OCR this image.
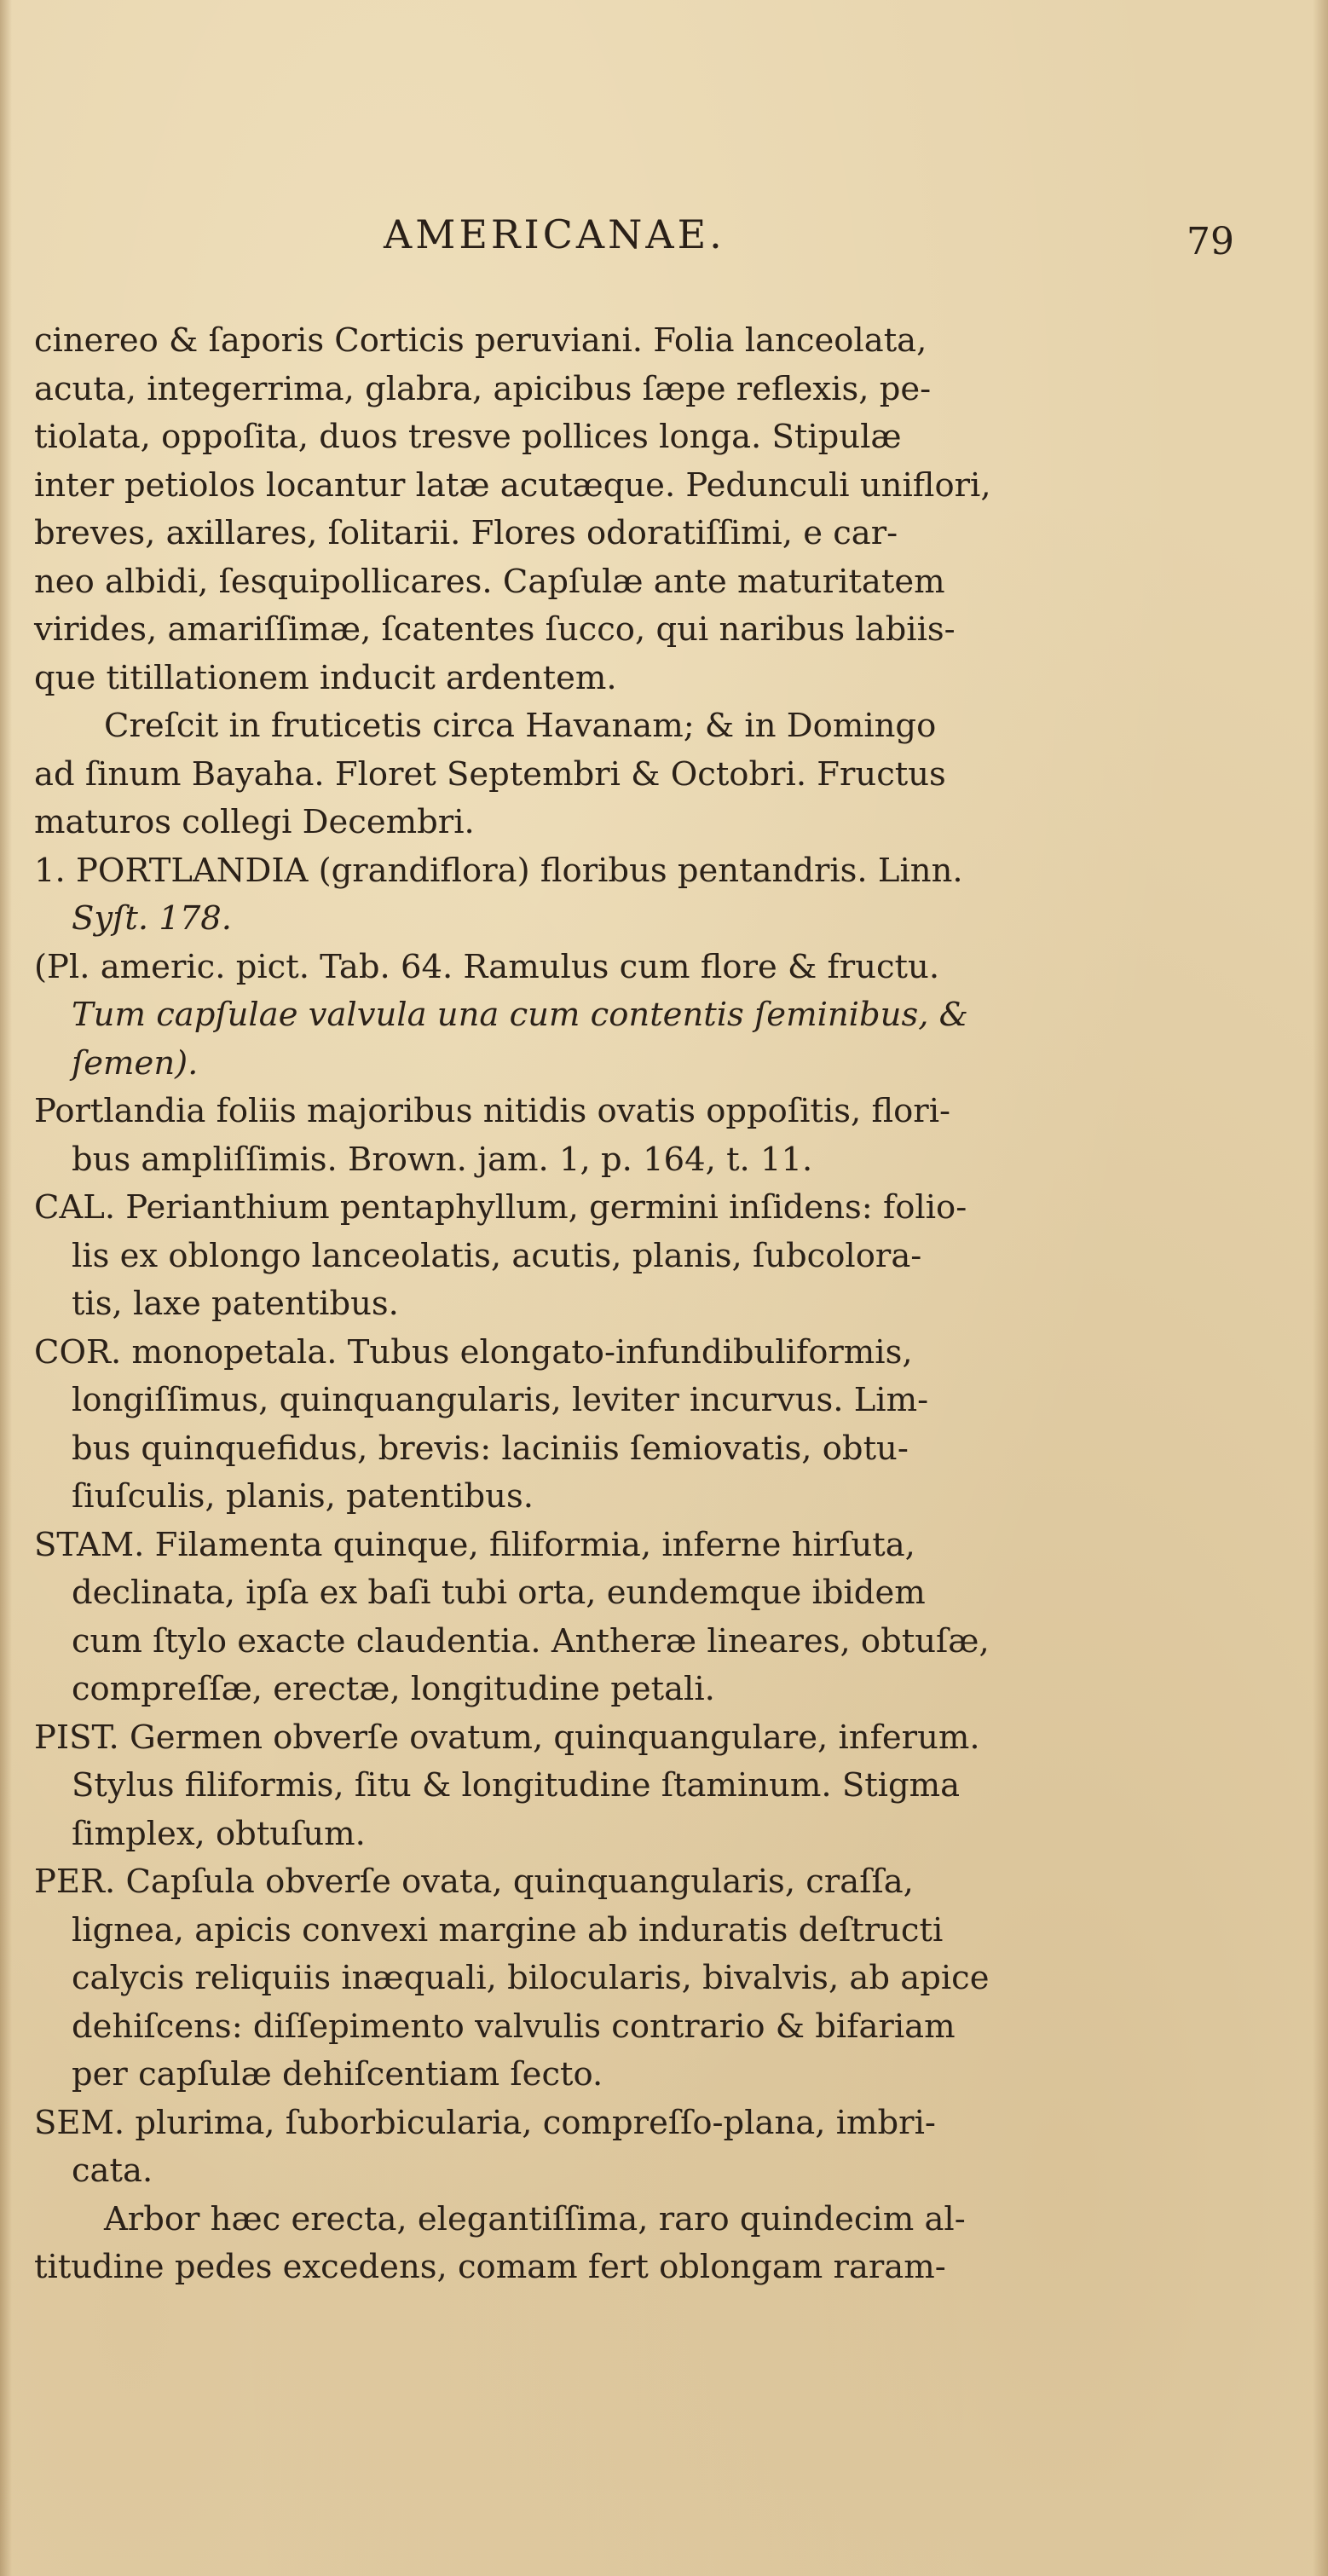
AMERICANAE.	79
cinereo & ſaporis Corticis peruviani. Folia lanceolata,
acuta, integerrima, glabra, apicibus ſæpe reflexis, pe-
tiolata, oppoſita, duos tresve pollices longa. Stipulæ
inter petiolos locantur latæ acutæque. Pedunculi uniflori,
breves, axillares, ſolitarii. Flores odoratiſſimi, e car-
neo albidi, ſesquipollicares. Capſulæ ante maturitatem
virides, amariſſimæ, ſcatentes ſucco, qui naribus labiis-
que titillationem inducit ardentem.
Creſcit in fruticetis circa Havanam; & in Domingo
ad ſinum Bayaha. Floret Septembri & Octobri. Fructus
maturos collegi Decembri.
1. PORTLANDIA (grandiflora) floribus pentandris. Linn.
Syſt. 178.
(Pl. americ. pict. Tab. 64. Ramulus cum flore & fructu.
Tum capſulae valvula una cum contentis ſeminibus, &
ſemen).
Portlandia foliis majoribus nitidis ovatis oppoſitis, flori-
bus ampliſſimis. Brown. jam. 1, p. 164, t. 11.
CAL. Perianthium pentaphyllum, germini inſidens: folio-
lis ex oblongo lanceolatis, acutis, planis, ſubcolora-
tis, laxe patentibus.
COR. monopetala. Tubus elongato-infundibuliformis,
longiſſimus, quinquangularis, leviter incurvus. Lim-
bus quinquefidus, brevis: laciniis ſemiovatis, obtu-
ſiuſculis, planis, patentibus.
STAM. Filamenta quinque, filiformia, inferne hirſuta,
declinata, ipſa ex baſi tubi orta, eundemque ibidem
cum ſtylo exacte claudentia. Antheræ lineares, obtuſæ,
compreſſæ, erectæ, longitudine petali.
PIST. Germen obverſe ovatum, quinquangulare, inferum.
Stylus filiformis, ſitu & longitudine ſtaminum. Stigma
ſimplex, obtuſum.
PER. Capſula obverſe ovata, quinquangularis, craſſa,
lignea, apicis convexi margine ab induratis deſtructi
calycis reliquiis inæquali, bilocularis, bivalvis, ab apice
dehiſcens: diſſepimento valvulis contrario & bifariam
per capſulæ dehiſcentiam ſecto.
SEM. plurima, ſuborbicularia, compreſſo-plana, imbri-
cata.
Arbor hæc erecta, elegantiſſima, raro quindecim al-
titudine pedes excedens, comam fert oblongam raram-
